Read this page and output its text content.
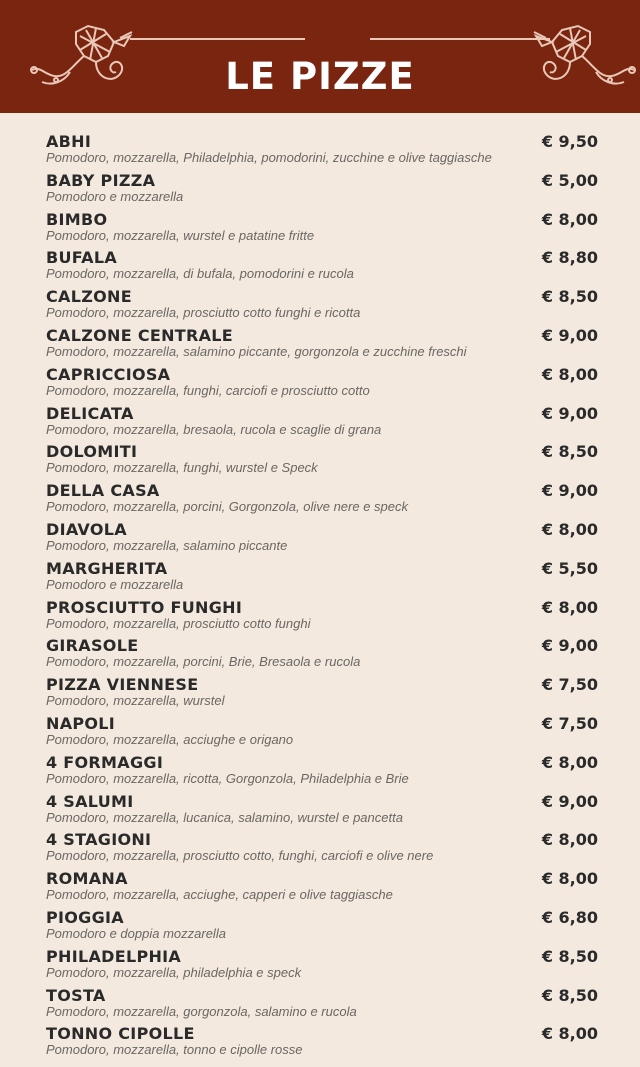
LE PIZZE
ABHI
Pomodoro, mozzarella, Philadelphia, pomodorini, zucchine e olive taggiasche
€ 9,50
BABY PIZZA
Pomodoro e mozzarella
€ 5,00
BIMBO
Pomodoro, mozzarella, wurstel e patatine fritte
€ 8,00
BUFALA
Pomodoro, mozzarella, di bufala, pomodorini e rucola
€ 8,80
CALZONE
Pomodoro, mozzarella, prosciutto cotto funghi e ricotta
€ 8,50
CALZONE CENTRALE
Pomodoro, mozzarella, salamino piccante, gorgonzola e zucchine freschi
€ 9,00
CAPRICCIOSA
Pomodoro, mozzarella, funghi, carciofi e prosciutto cotto
€ 8,00
DELICATA
Pomodoro, mozzarella, bresaola, rucola e scaglie di grana
€ 9,00
DOLOMITI
Pomodoro, mozzarella, funghi, wurstel e Speck
€ 8,50
DELLA CASA
Pomodoro, mozzarella, porcini, Gorgonzola, olive nere e speck
€ 9,00
DIAVOLA
Pomodoro, mozzarella, salamino piccante
€ 8,00
MARGHERITA
Pomodoro e mozzarella
€ 5,50
PROSCIUTTO FUNGHI
Pomodoro, mozzarella, prosciutto cotto funghi
€ 8,00
GIRASOLE
Pomodoro, mozzarella, porcini, Brie, Bresaola e rucola
€ 9,00
PIZZA VIENNESE
Pomodoro, mozzarella, wurstel
€ 7,50
NAPOLI
Pomodoro, mozzarella, acciughe e origano
€ 7,50
4 FORMAGGI
Pomodoro, mozzarella, ricotta, Gorgonzola, Philadelphia e Brie
€ 8,00
4 SALUMI
Pomodoro, mozzarella, lucanica, salamino, wurstel e pancetta
€ 9,00
4 STAGIONI
Pomodoro, mozzarella, prosciutto cotto, funghi, carciofi e olive nere
€ 8,00
ROMANA
Pomodoro, mozzarella, acciughe, capperi e olive taggiasche
€ 8,00
PIOGGIA
Pomodoro e doppia mozzarella
€ 6,80
PHILADELPHIA
Pomodoro, mozzarella, philadelphia e speck
€ 8,50
TOSTA
Pomodoro, mozzarella, gorgonzola, salamino e rucola
€ 8,50
TONNO CIPOLLE
Pomodoro, mozzarella, tonno e cipolle rosse
€ 8,00
